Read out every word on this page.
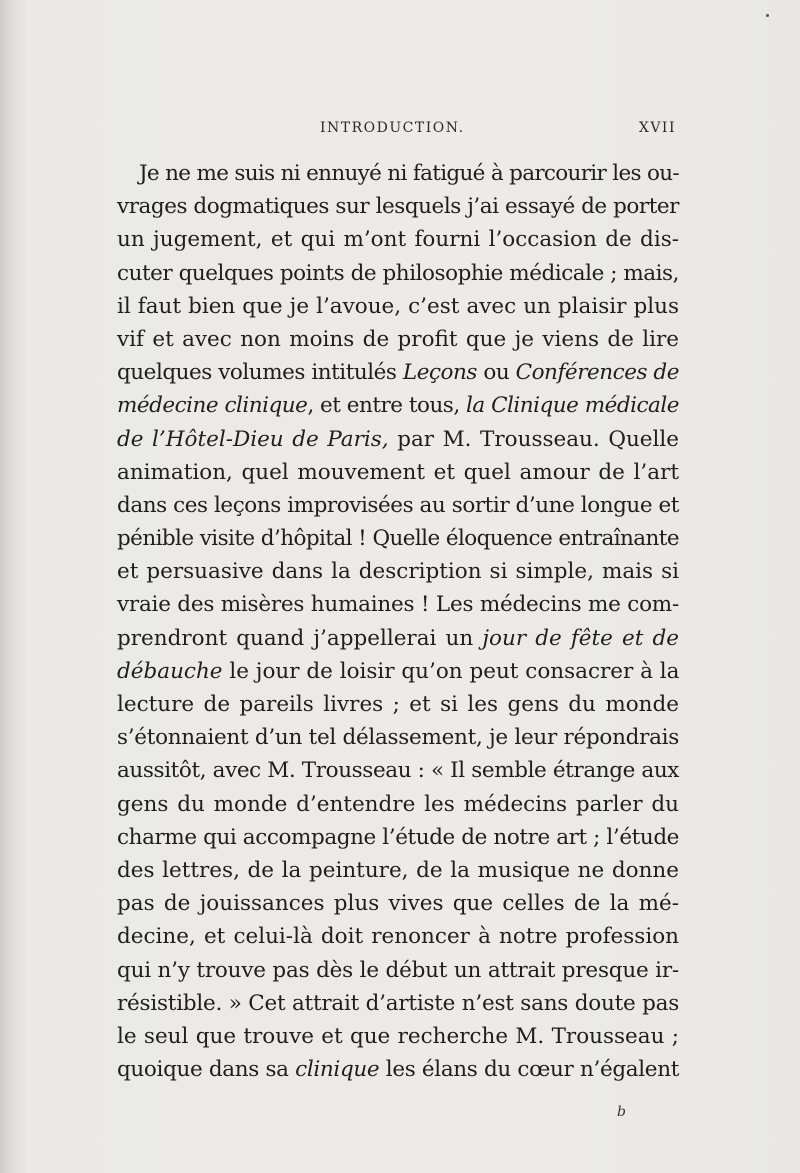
INTRODUCTION.	XVII
Je ne me suis ni ennuyé ni fatigué à parcourir les ou-
vrages dogmatiques sur lesquels j’ai essayé de porter
un jugement, et qui m’ont fourni l’occasion de dis-
cuter quelques points de philosophie médicale ; mais,
il faut bien que je l’avoue, c’est avec un plaisir plus
vif et avec non moins de profit que je viens de lire
quelques volumes intitulés Leçons ou Conférences de
médecine clinique, et entre tous, la Clinique médicale
de l’Hôtel-Dieu de Paris, par M. Trousseau. Quelle
animation, quel mouvement et quel amour de l’art
dans ces leçons improvisées au sortir d’une longue et
pénible visite d’hôpital ! Quelle éloquence entraînante
et persuasive dans la description si simple, mais si
vraie des misères humaines ! Les médecins me com-
prendront quand j’appellerai un jour de fête et de
débauche le jour de loisir qu’on peut consacrer à la
lecture de pareils livres ; et si les gens du monde
s’étonnaient d’un tel délassement, je leur répondrais
aussitôt, avec M. Trousseau : « Il semble étrange aux
gens du monde d’entendre les médecins parler du
charme qui accompagne l’étude de notre art ; l’étude
des lettres, de la peinture, de la musique ne donne
pas de jouissances plus vives que celles de la mé-
decine, et celui-là doit renoncer à notre profession
qui n’y trouve pas dès le début un attrait presque ir-
résistible. » Cet attrait d’artiste n’est sans doute pas
le seul que trouve et que recherche M. Trousseau ;
quoique dans sa clinique les élans du cœur n’égalent
b
